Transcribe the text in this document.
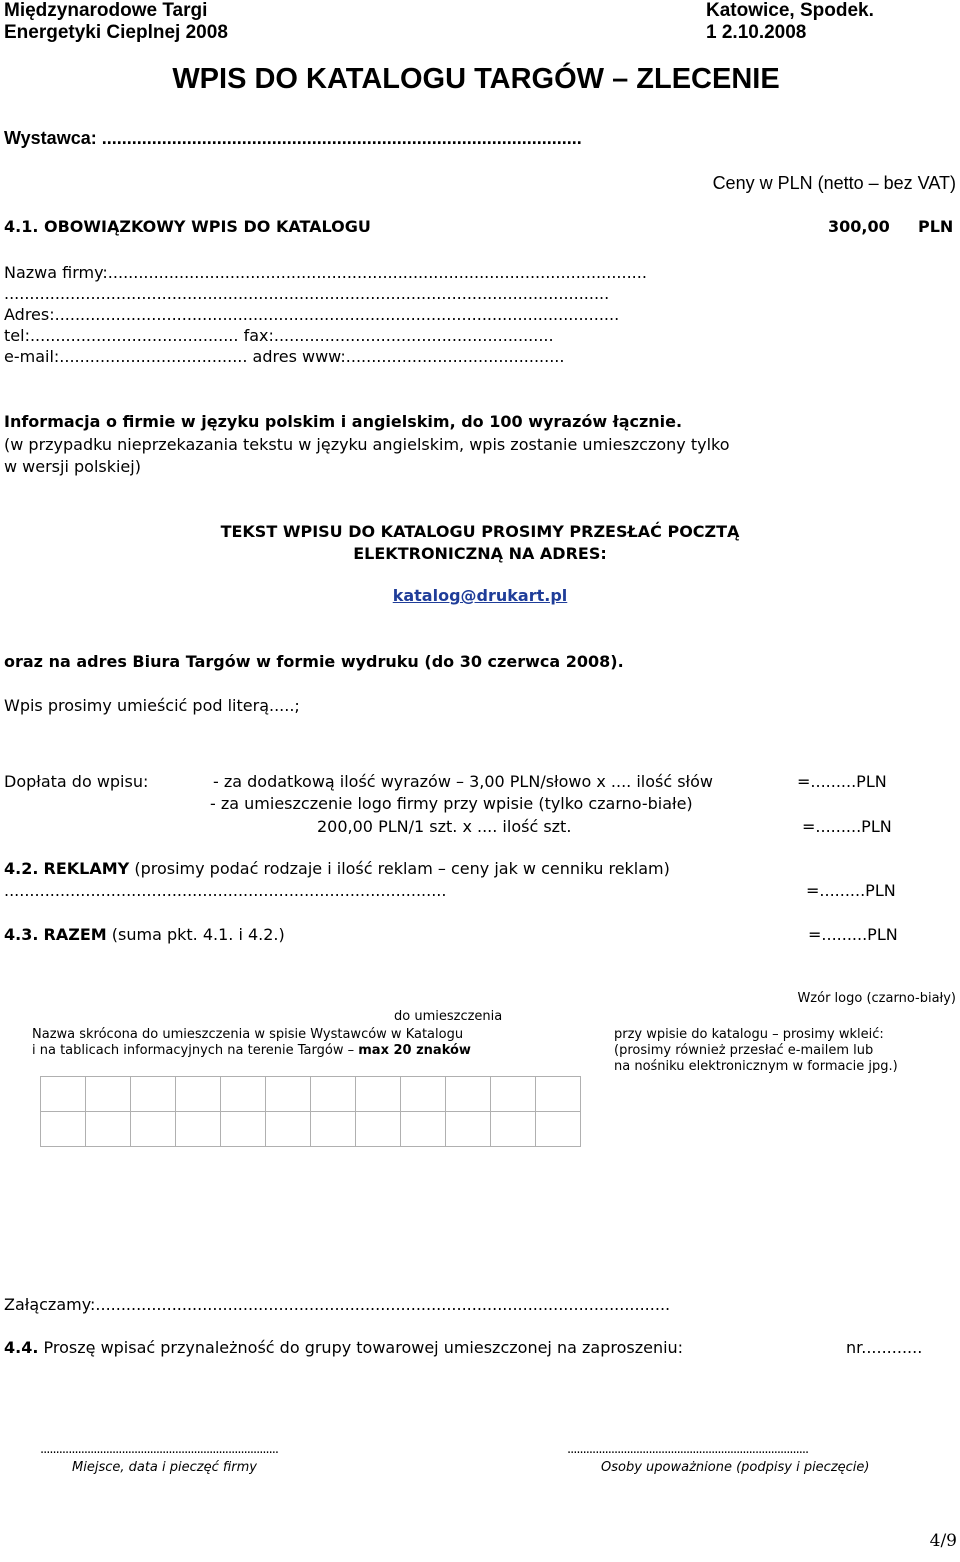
Międzynarodowe Targi
Energetyki Cieplnej 2008
Katowice, Spodek.
1 2.10.2008
WPIS DO KATALOGU TARGÓW – ZLECENIE
Wystawca: ................................................................................................
Ceny w PLN (netto – bez VAT)
4.1. OBOWIĄZKOWY WPIS DO KATALOGU	300,00 PLN
Nazwa firmy:..........................................................................................................
.......................................................................................................................
Adres:...............................................................................................................
tel:......................................... fax:.......................................................
e-mail:..................................... adres www:...........................................
Informacja o firmie w języku polskim i angielskim, do 100 wyrazów łącznie.
(w przypadku nieprzekazania tekstu w języku angielskim, wpis zostanie umieszczony tylko
w wersji polskiej)
TEKST WPISU DO KATALOGU PROSIMY PRZESŁAĆ POCZTĄ
ELEKTRONICZNĄ NA ADRES:
katalog@drukart.pl
oraz na adres Biura Targów w formie wydruku (do 30 czerwca 2008).
Wpis prosimy umieścić pod literą.....;
Dopłata do wpisu:	- za dodatkową ilość wyrazów – 3,00 PLN/słowo x .... ilość słów	=.........PLN
- za umieszczenie logo firmy przy wpisie (tylko czarno-białe)
200,00 PLN/1 szt. x .... ilość szt.	=.........PLN
4.2. REKLAMY (prosimy podać rodzaje i ilość reklam – ceny jak w cenniku reklam)
.......................................................................................	=.........PLN
4.3. RAZEM (suma pkt. 4.1. i 4.2.)	=.........PLN
Wzór logo (czarno-biały)
przy wpisie do katalogu – prosimy wkleić:
(prosimy również przesłać e-mailem lub
na nośniku elektronicznym w formacie jpg.)
do umieszczenia
Nazwa skrócona do umieszczenia w spisie Wystawców w Katalogu
i na tablicach informacyjnych na terenie Targów – max 20 znaków

Załączamy:.................................................................................................................
4.4. Proszę wpisać przynależność do grupy towarowej umieszczonej na zaproszeniu:	nr............
............................................................................
Miejsce, data i pieczęć firmy
.............................................................................
Osoby upoważnione (podpisy i pieczęcie)
4/9
